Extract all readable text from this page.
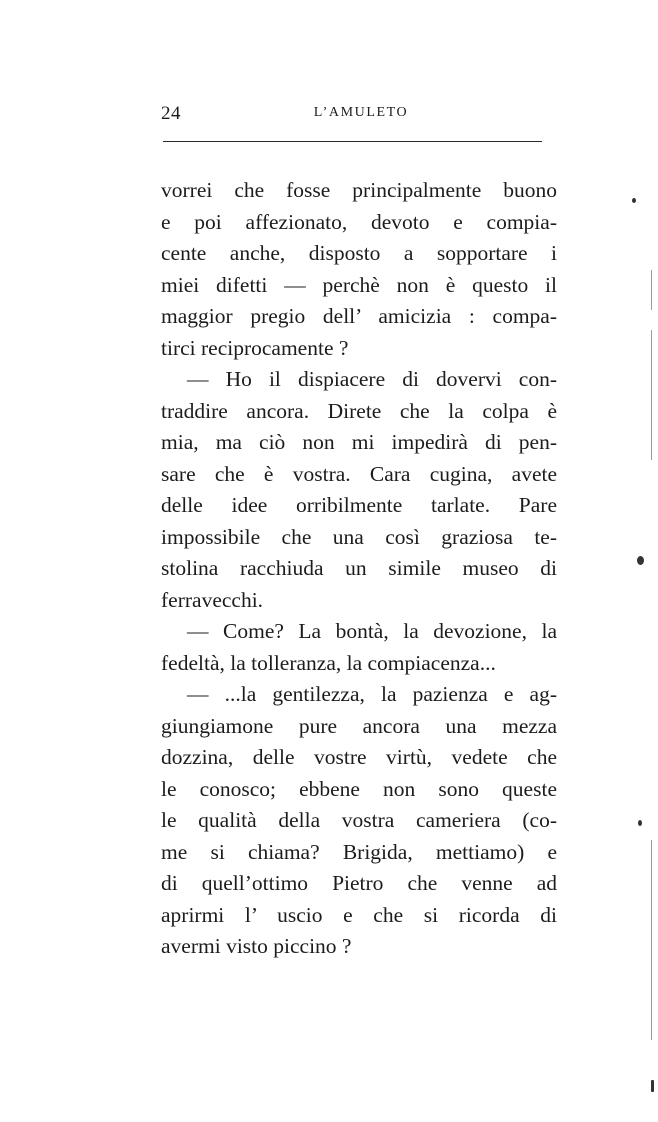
24	L’AMULETO
vorrei che fosse principalmente buono
e poi affezionato, devoto e compia-
cente anche, disposto a sopportare i
miei difetti — perchè non è questo il
maggior pregio dell’ amicizia : compa-
tirci reciprocamente ?
— Ho il dispiacere di dovervi con-
traddire ancora. Direte che la colpa è
mia, ma ciò non mi impedirà di pen-
sare che è vostra. Cara cugina, avete
delle idee orribilmente tarlate. Pare
impossibile che una così graziosa te-
stolina racchiuda un simile museo di
ferravecchi.
— Come? La bontà, la devozione, la
fedeltà, la tolleranza, la compiacenza...
— ...la gentilezza, la pazienza e ag-
giungiamone pure ancora una mezza
dozzina, delle vostre virtù, vedete che
le conosco; ebbene non sono queste
le qualità della vostra cameriera (co-
me si chiama? Brigida, mettiamo) e
di quell’ottimo Pietro che venne ad
aprirmi l’ uscio e che si ricorda di
avermi visto piccino ?
